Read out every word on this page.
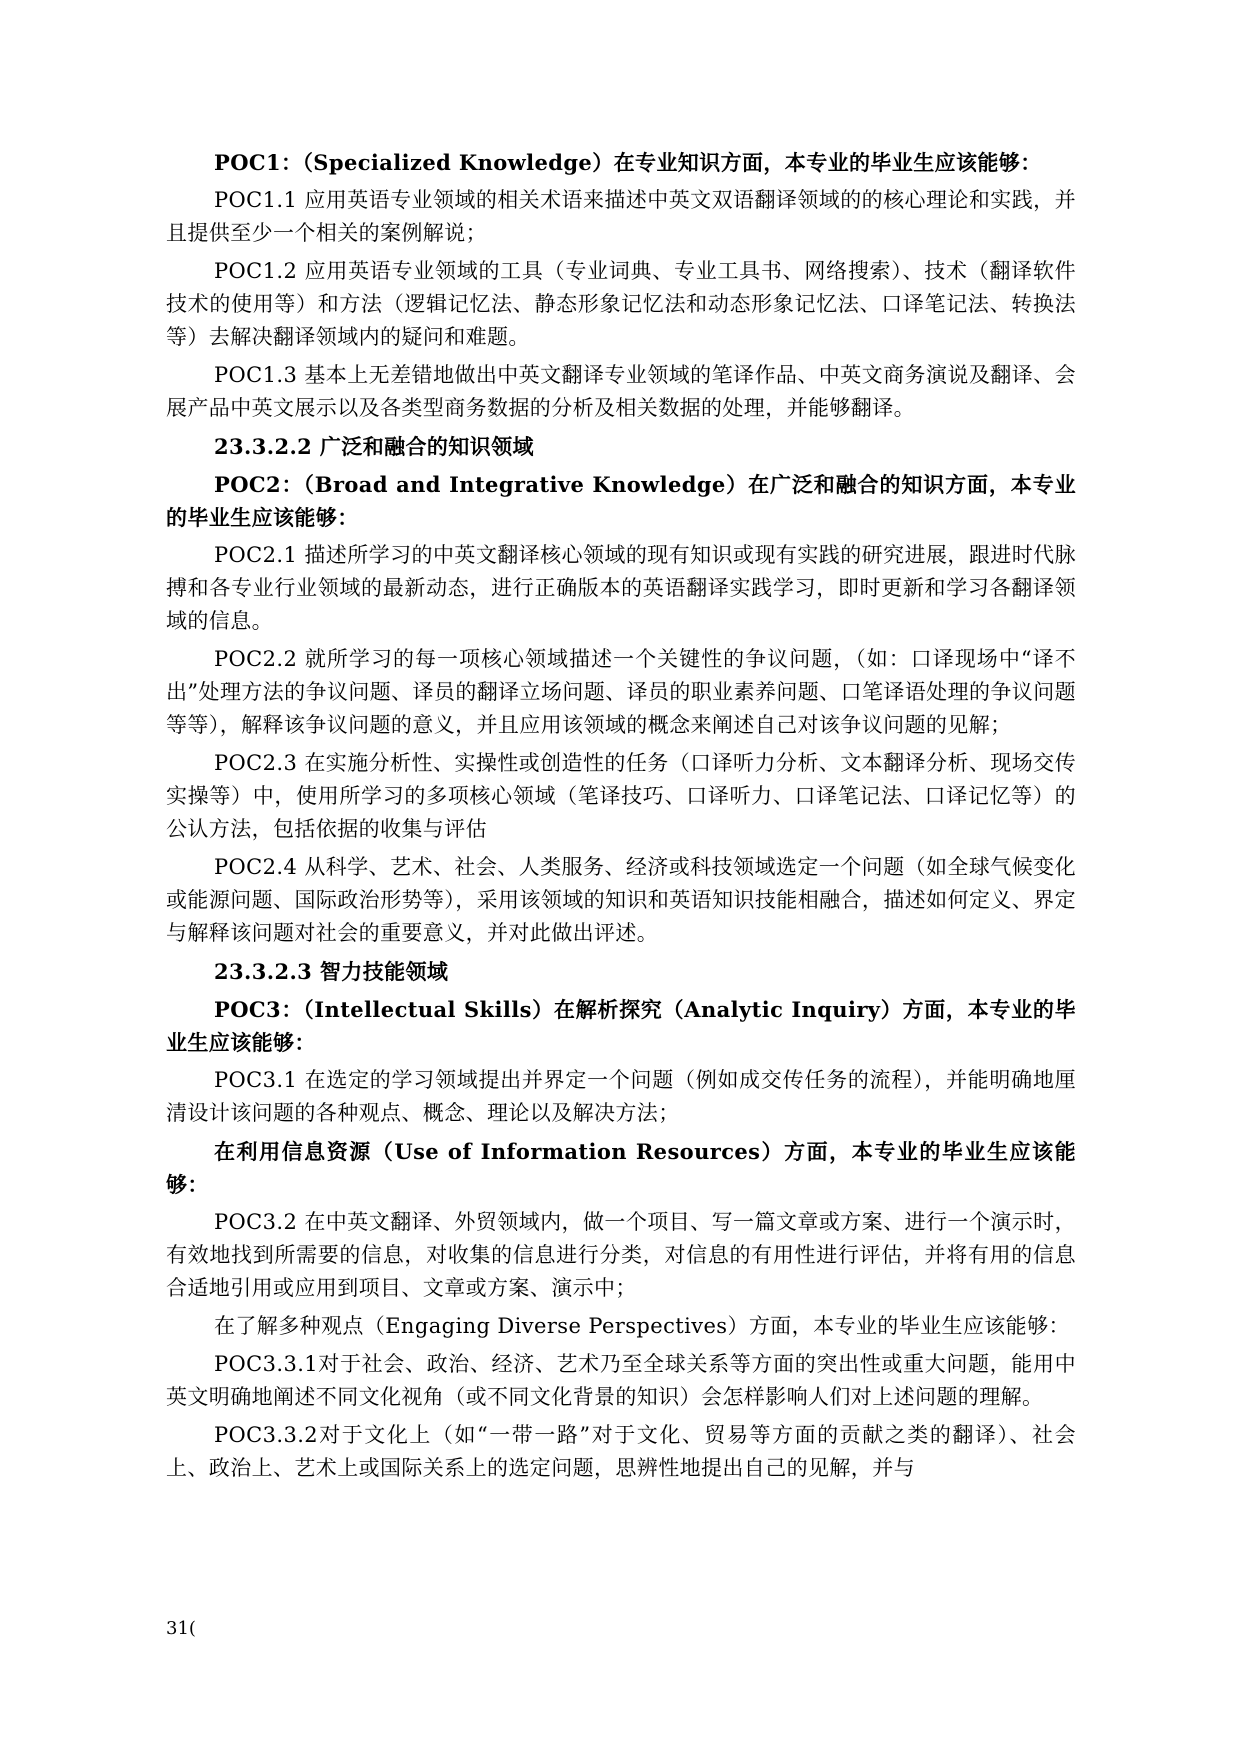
POC1：（Specialized Knowledge）在专业知识方面，本专业的毕业生应该能够：

POC1.1 应用英语专业领域的相关术语来描述中英文双语翻译领域的的核心理论和实践，并且提供至少一个相关的案例解说；

POC1.2 应用英语专业领域的工具（专业词典、专业工具书、网络搜索）、技术（翻译软件技术的使用等）和方法（逻辑记忆法、静态形象记忆法和动态形象记忆法、口译笔记法、转换法等）去解决翻译领域内的疑问和难题。

POC1.3 基本上无差错地做出中英文翻译专业领域的笔译作品、中英文商务演说及翻译、会展产品中英文展示以及各类型商务数据的分析及相关数据的处理，并能够翻译。

23.3.2.2 广泛和融合的知识领域

POC2：（Broad and Integrative Knowledge）在广泛和融合的知识方面，本专业的毕业生应该能够：

POC2.1 描述所学习的中英文翻译核心领域的现有知识或现有实践的研究进展，跟进时代脉搏和各专业行业领域的最新动态，进行正确版本的英语翻译实践学习，即时更新和学习各翻译领域的信息。

POC2.2 就所学习的每一项核心领域描述一个关键性的争议问题，（如：口译现场中“译不出”处理方法的争议问题、译员的翻译立场问题、译员的职业素养问题、口笔译语处理的争议问题等等），解释该争议问题的意义，并且应用该领域的概念来阐述自己对该争议问题的见解；

POC2.3 在实施分析性、实操性或创造性的任务（口译听力分析、文本翻译分析、现场交传实操等）中，使用所学习的多项核心领域（笔译技巧、口译听力、口译笔记法、口译记忆等）的公认方法，包括依据的收集与评估

POC2.4 从科学、艺术、社会、人类服务、经济或科技领域选定一个问题（如全球气候变化或能源问题、国际政治形势等），采用该领域的知识和英语知识技能相融合，描述如何定义、界定与解释该问题对社会的重要意义，并对此做出评述。

23.3.2.3 智力技能领域

POC3：（Intellectual Skills）在解析探究（Analytic Inquiry）方面，本专业的毕业生应该能够：

POC3.1 在选定的学习领域提出并界定一个问题（例如成交传任务的流程），并能明确地厘清设计该问题的各种观点、概念、理论以及解决方法；

在利用信息资源（Use of Information Resources）方面，本专业的毕业生应该能够：

POC3.2 在中英文翻译、外贸领域内，做一个项目、写一篇文章或方案、进行一个演示时，有效地找到所需要的信息，对收集的信息进行分类，对信息的有用性进行评估，并将有用的信息合适地引用或应用到项目、文章或方案、演示中；

在了解多种观点（Engaging Diverse Perspectives）方面，本专业的毕业生应该能够：

POC3.3.1对于社会、政治、经济、艺术乃至全球关系等方面的突出性或重大问题，能用中英文明确地阐述不同文化视角（或不同文化背景的知识）会怎样影响人们对上述问题的理解。

POC3.3.2对于文化上（如“一带一路”对于文化、贸易等方面的贡献之类的翻译）、社会上、政治上、艺术上或国际关系上的选定问题，思辨性地提出自己的见解，并与

31(
